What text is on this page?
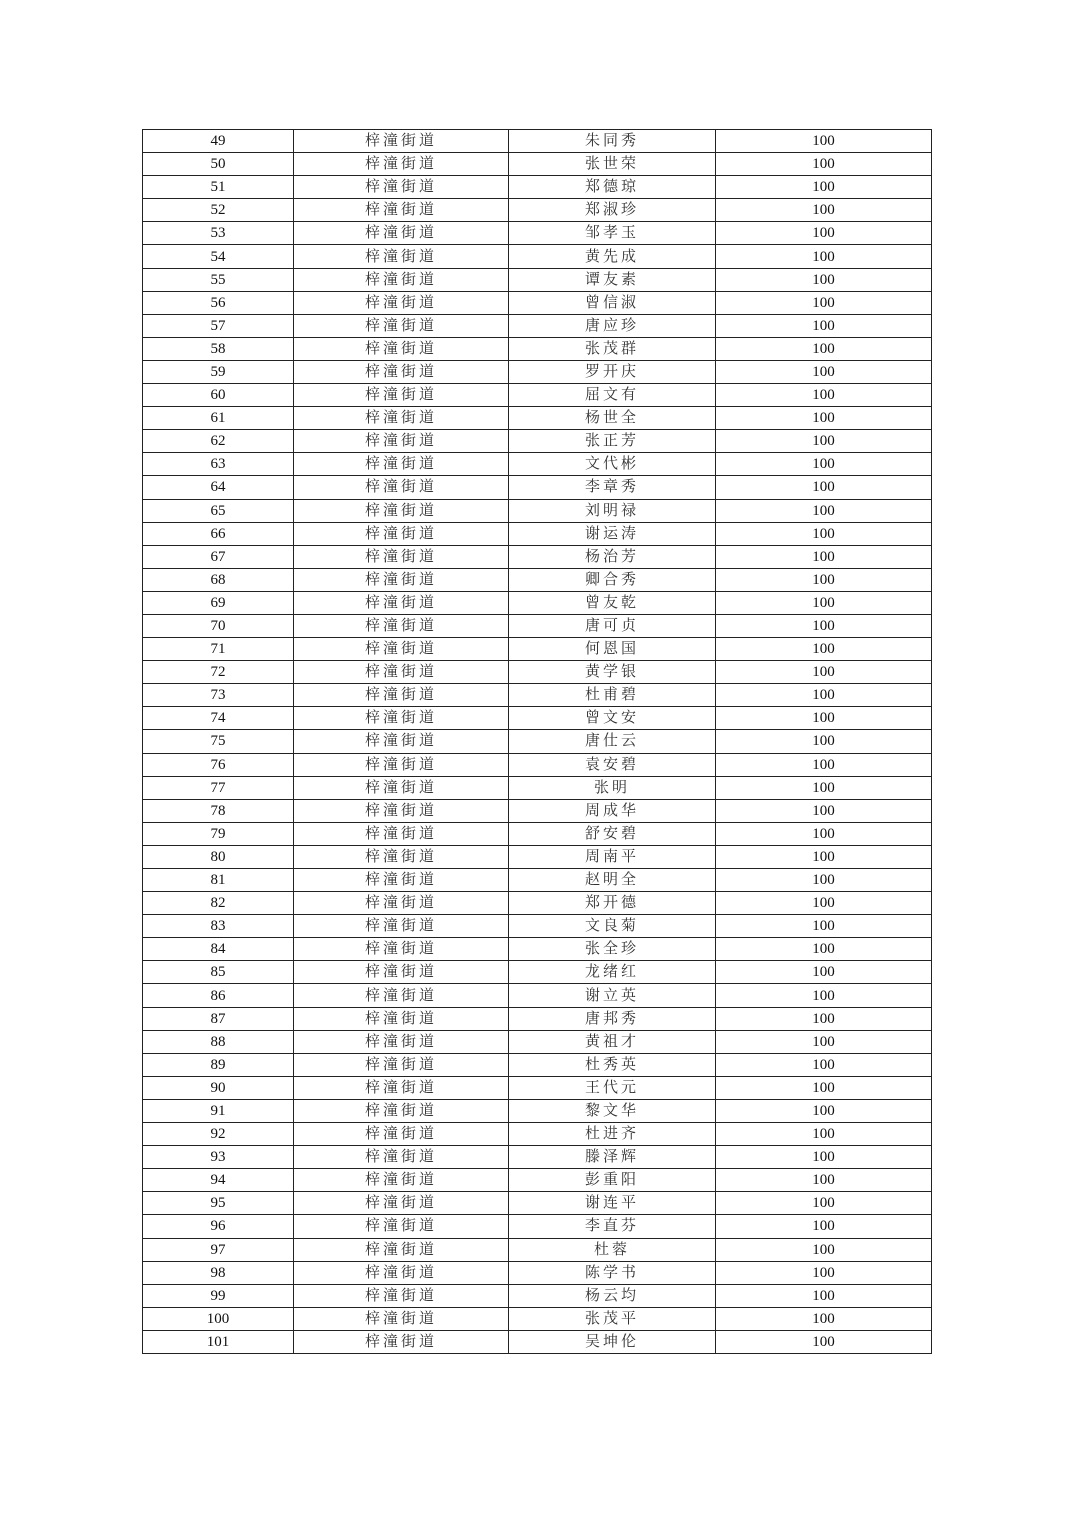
49	梓潼街道	朱同秀	100
50	梓潼街道	张世荣	100
51	梓潼街道	郑德琼	100
52	梓潼街道	郑淑珍	100
53	梓潼街道	邹孝玉	100
54	梓潼街道	黄先成	100
55	梓潼街道	谭友素	100
56	梓潼街道	曾信淑	100
57	梓潼街道	唐应珍	100
58	梓潼街道	张茂群	100
59	梓潼街道	罗开庆	100
60	梓潼街道	屈文有	100
61	梓潼街道	杨世全	100
62	梓潼街道	张正芳	100
63	梓潼街道	文代彬	100
64	梓潼街道	李章秀	100
65	梓潼街道	刘明禄	100
66	梓潼街道	谢运涛	100
67	梓潼街道	杨治芳	100
68	梓潼街道	卿合秀	100
69	梓潼街道	曾友乾	100
70	梓潼街道	唐可贞	100
71	梓潼街道	何恩国	100
72	梓潼街道	黄学银	100
73	梓潼街道	杜甫碧	100
74	梓潼街道	曾文安	100
75	梓潼街道	唐仕云	100
76	梓潼街道	袁安碧	100
77	梓潼街道	张明	100
78	梓潼街道	周成华	100
79	梓潼街道	舒安碧	100
80	梓潼街道	周南平	100
81	梓潼街道	赵明全	100
82	梓潼街道	郑开德	100
83	梓潼街道	文良菊	100
84	梓潼街道	张全珍	100
85	梓潼街道	龙绪红	100
86	梓潼街道	谢立英	100
87	梓潼街道	唐邦秀	100
88	梓潼街道	黄祖才	100
89	梓潼街道	杜秀英	100
90	梓潼街道	王代元	100
91	梓潼街道	黎文华	100
92	梓潼街道	杜进齐	100
93	梓潼街道	滕泽辉	100
94	梓潼街道	彭重阳	100
95	梓潼街道	谢连平	100
96	梓潼街道	李直芬	100
97	梓潼街道	杜蓉	100
98	梓潼街道	陈学书	100
99	梓潼街道	杨云均	100
100	梓潼街道	张茂平	100
101	梓潼街道	吴坤伦	100
